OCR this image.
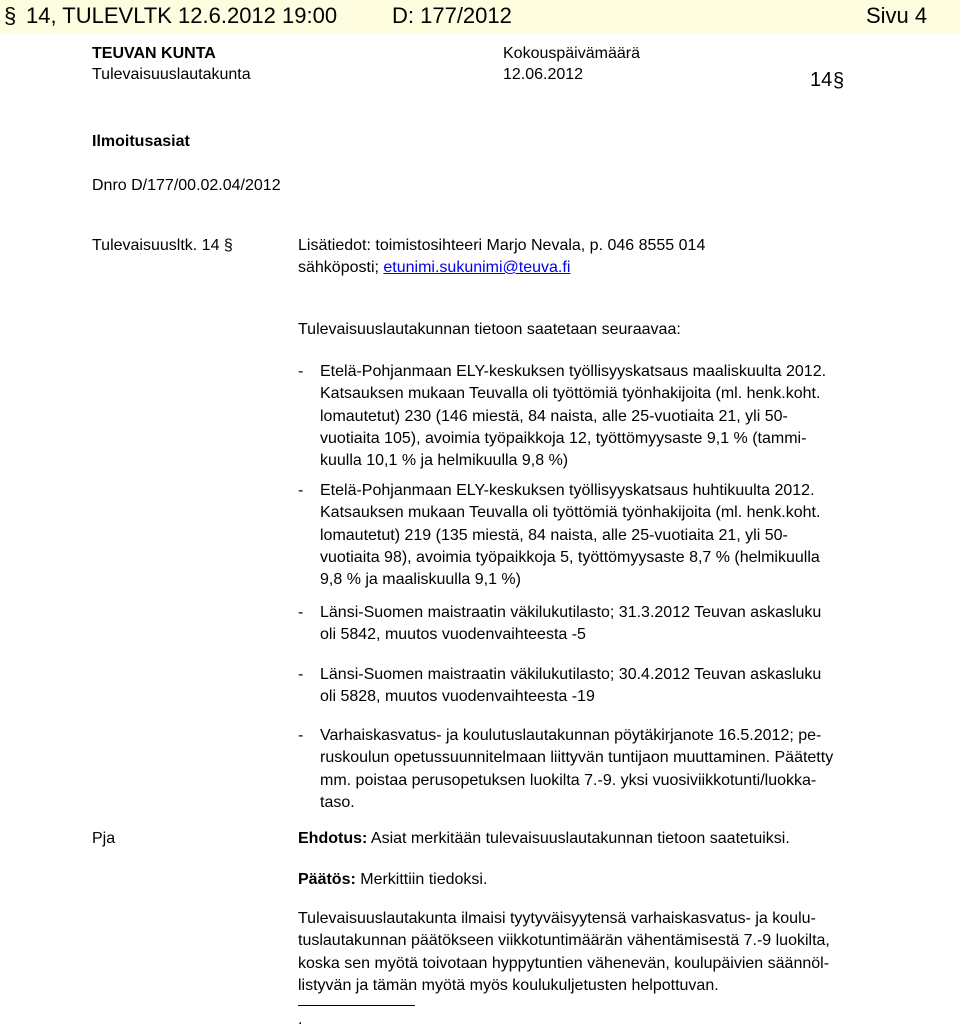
§ 14, TULEVLTK 12.6.2012 19:00 D: 177/2012	Sivu 4
TEUVAN KUNTA
Tulevaisuuslautakunta
Kokouspäivämäärä
12.06.2012	14 §
Ilmoitusasiat
Dnro D/177/00.02.04/2012
Tulevaisuusltk. 14 §	Lisätiedot: toimistosihteeri Marjo Nevala, p. 046 8555 014
sähköposti; etunimi.sukunimi@teuva.fi
Tulevaisuuslautakunnan tietoon saatetaan seuraavaa:
- Etelä-Pohjanmaan ELY-keskuksen työllisyyskatsaus maaliskuulta 2012.
Katsauksen mukaan Teuvalla oli työttömiä työnhakijoita (ml. henk.koht.
lomautetut) 230 (146 miestä, 84 naista, alle 25-vuotiaita 21, yli 50-
vuotiaita 105), avoimia työpaikkoja 12, työttömyysaste 9,1 % (tammi-
kuulla 10,1 % ja helmikuulla 9,8 %)
- Etelä-Pohjanmaan ELY-keskuksen työllisyyskatsaus huhtikuulta 2012.
Katsauksen mukaan Teuvalla oli työttömiä työnhakijoita (ml. henk.koht.
lomautetut) 219 (135 miestä, 84 naista, alle 25-vuotiaita 21, yli 50-
vuotiaita 98), avoimia työpaikkoja 5, työttömyysaste 8,7 % (helmikuulla
9,8 % ja maaliskuulla 9,1 %)
- Länsi-Suomen maistraatin väkilukutilasto; 31.3.2012 Teuvan askasluku
oli 5842, muutos vuodenvaihteesta -5
- Länsi-Suomen maistraatin väkilukutilasto; 30.4.2012 Teuvan askasluku
oli 5828, muutos vuodenvaihteesta -19
- Varhaiskasvatus- ja koulutuslautakunnan pöytäkirjanote 16.5.2012; pe-
ruskoulun opetussuunnitelmaan liittyvän tuntijaon muuttaminen. Päätetty
mm. poistaa perusopetuksen luokilta 7.-9. yksi vuosiviikkotunti/luokka-
taso.
Pja	Ehdotus: Asiat merkitään tulevaisuuslautakunnan tietoon saatetuiksi.
Päätös: Merkittiin tiedoksi.
Tulevaisuuslautakunta ilmaisi tyytyväisyytensä varhaiskasvatus- ja koulu-
tuslautakunnan päätökseen viikkotuntimäärän vähentämisestä 7.-9 luokilta,
koska sen myötä toivotaan hyppytuntien vähenevän, koulupäivien säännöl-
listyvän ja tämän myötä myös koulukuljetusten helpottuvan.
.
